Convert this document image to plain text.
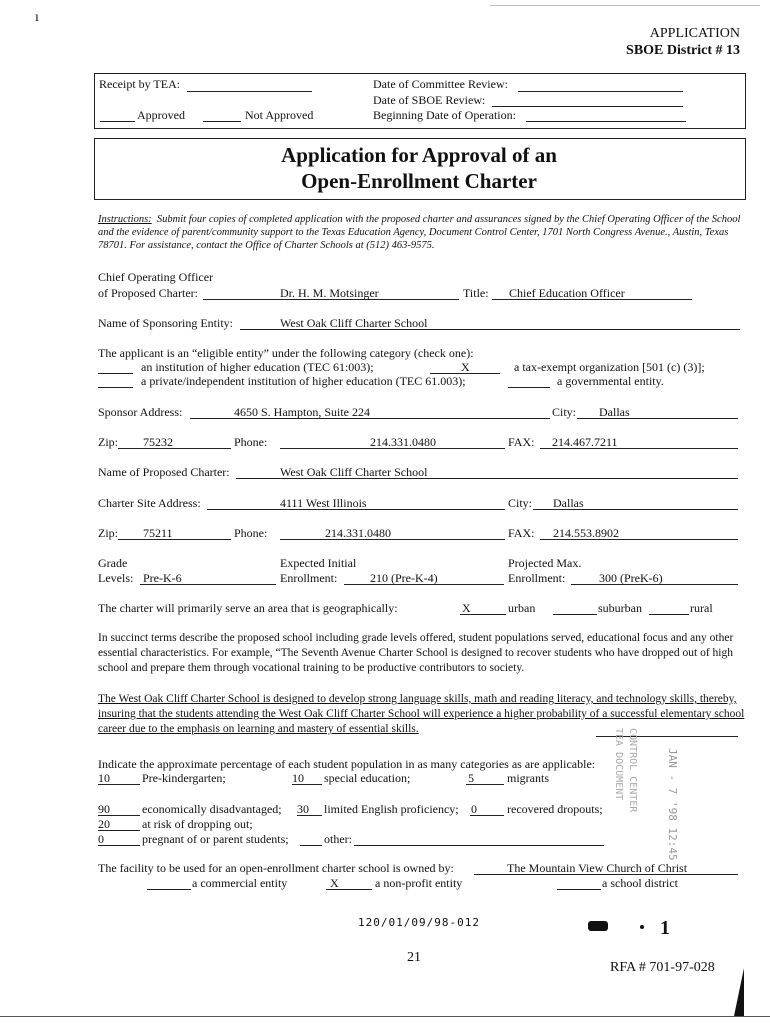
ı
APPLICATION
SBOE District # 13
Receipt by TEA:	Date of Committee Review:
Date of SBOE Review:
Approved	Not Approved	Beginning Date of Operation:
Application for Approval of an
Open-Enrollment Charter
Instructions: Submit four copies of completed application with the proposed charter and assurances signed by the Chief Operating Officer of the School and the evidence of parent/community support to the Texas Education Agency, Document Control Center, 1701 North Congress Avenue., Austin, Texas 78701. For assistance, contact the Office of Charter Schools at (512) 463-9575.
Chief Operating Officer
of Proposed Charter:	Dr. H. M. Motsinger	Title: Chief Education Officer
Name of Sponsoring Entity:	West Oak Cliff Charter School
The applicant is an “eligible entity” under the following category (check one):
an institution of higher education (TEC 61:003);	X	a tax-exempt organization [501 (c) (3)];
a private/independent institution of higher education (TEC 61.003);	a governmental entity.
Sponsor Address:	4650 S. Hampton, Suite 224	City: Dallas
Zip: 75232	Phone:	214.331.0480	FAX: 214.467.7211
Name of Proposed Charter:	West Oak Cliff Charter School
Charter Site Address:	4111 West Illinois	City: Dallas
Zip: 75211	Phone:	214.331.0480	FAX: 214.553.8902
Grade
Levels: Pre-K-6
Expected Initial
Enrollment:	210 (Pre-K-4)
Projected Max.
Enrollment:	300 (PreK-6)
The charter will primarily serve an area that is geographically:	X	urban	suburban	rural
In succinct terms describe the proposed school including grade levels offered, student populations served, educational focus and any other essential characteristics. For example, “The Seventh Avenue Charter School is designed to recover students who have dropped out of high school and prepare them through vocational training to be productive contributors to society.
The West Oak Cliff Charter School is designed to develop strong language skills, math and reading literacy, and technology skills, thereby, insuring that the students attending the West Oak Cliff Charter School will experience a higher probability of a successful elementary school career due to the emphasis on learning and mastery of essential skills.
Indicate the approximate percentage of each student population in as many categories as are applicable:
10	Pre-kindergarten;	10 special education;	5	migrants
90	economically disadvantaged; 30 limited English proficiency; 0	recovered dropouts;
20	at risk of dropping out;
0	pregnant of or parent students;	other:
The facility to be used for an open-enrollment charter school is owned by:	The Mountain View Church of Christ
a commercial entity	X	a non-profit entity	a school district
TEA DOCUMENT CONTROL CENTER	JAN - 7 '98 12:45
120/01/09/98-012	1
21
RFA # 701-97-028
